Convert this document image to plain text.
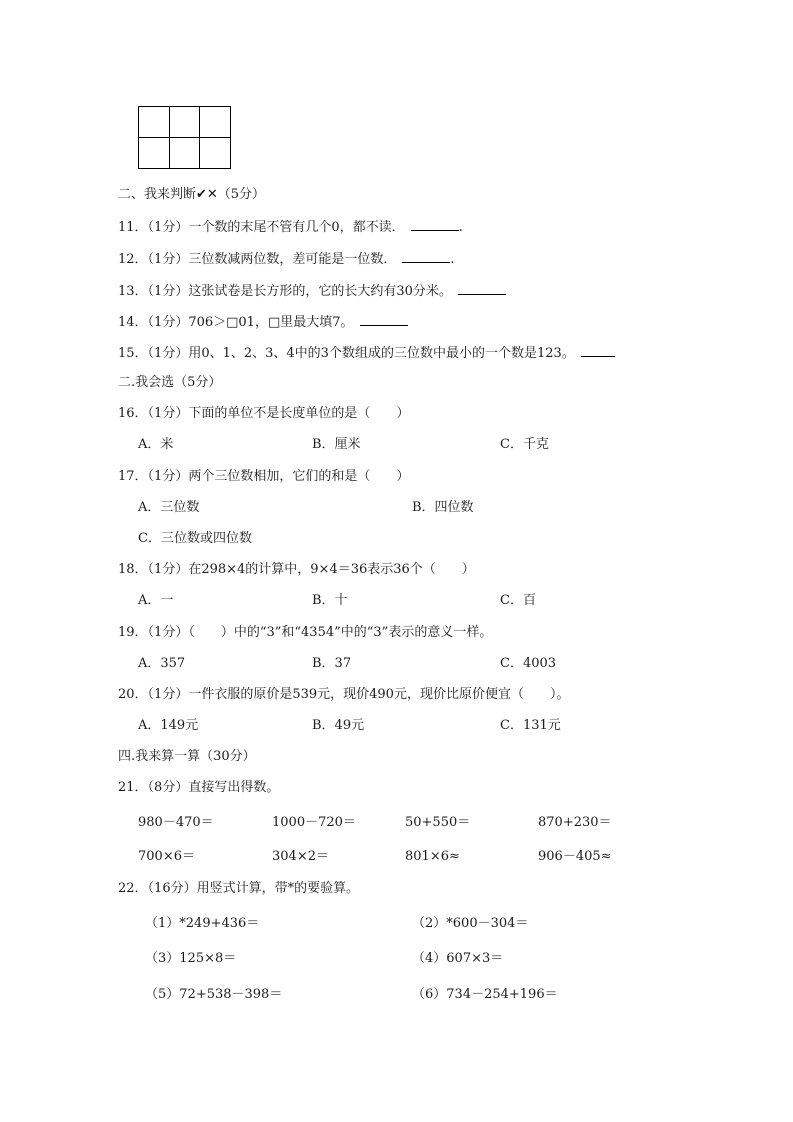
二、我来判断✔✕（5分）
11．（1分）一个数的末尾不管有几个0，都不读．	.
12．（1分）三位数减两位数，差可能是一位数．	.
13．（1分）这张试卷是长方形的，它的长大约有30分米。
14．（1分）706＞□01，□里最大填7。
15．（1分）用0、1、2、3、4中的3个数组成的三位数中最小的一个数是123。
二.我会选（5分）
16．（1分）下面的单位不是长度单位的是（　　）
A．米	B．厘米	C．千克
17．（1分）两个三位数相加，它们的和是（　　）
A．三位数	B．四位数
C．三位数或四位数
18．（1分）在298×4的计算中，9×4＝36表示36个（　　）
A．一	B．十	C．百
19．（1分）（　　）中的“3”和“4354”中的“3”表示的意义一样。
A．357	B．37	C．4003
20．（1分）一件衣服的原价是539元，现价490元，现价比原价便宜（　　）。
A．149元	B．49元	C．131元
四.我来算一算（30分）
21．（8分）直接写出得数。
980－470＝	1000－720＝	50+550＝	870+230＝
700×6＝	304×2＝	801×6≈	906－405≈
22．（16分）用竖式计算，带*的要验算。
（1）*249+436＝	（2）*600－304＝
（3）125×8＝	（4）607×3＝
（5）72+538－398＝	（6）734－254+196＝
